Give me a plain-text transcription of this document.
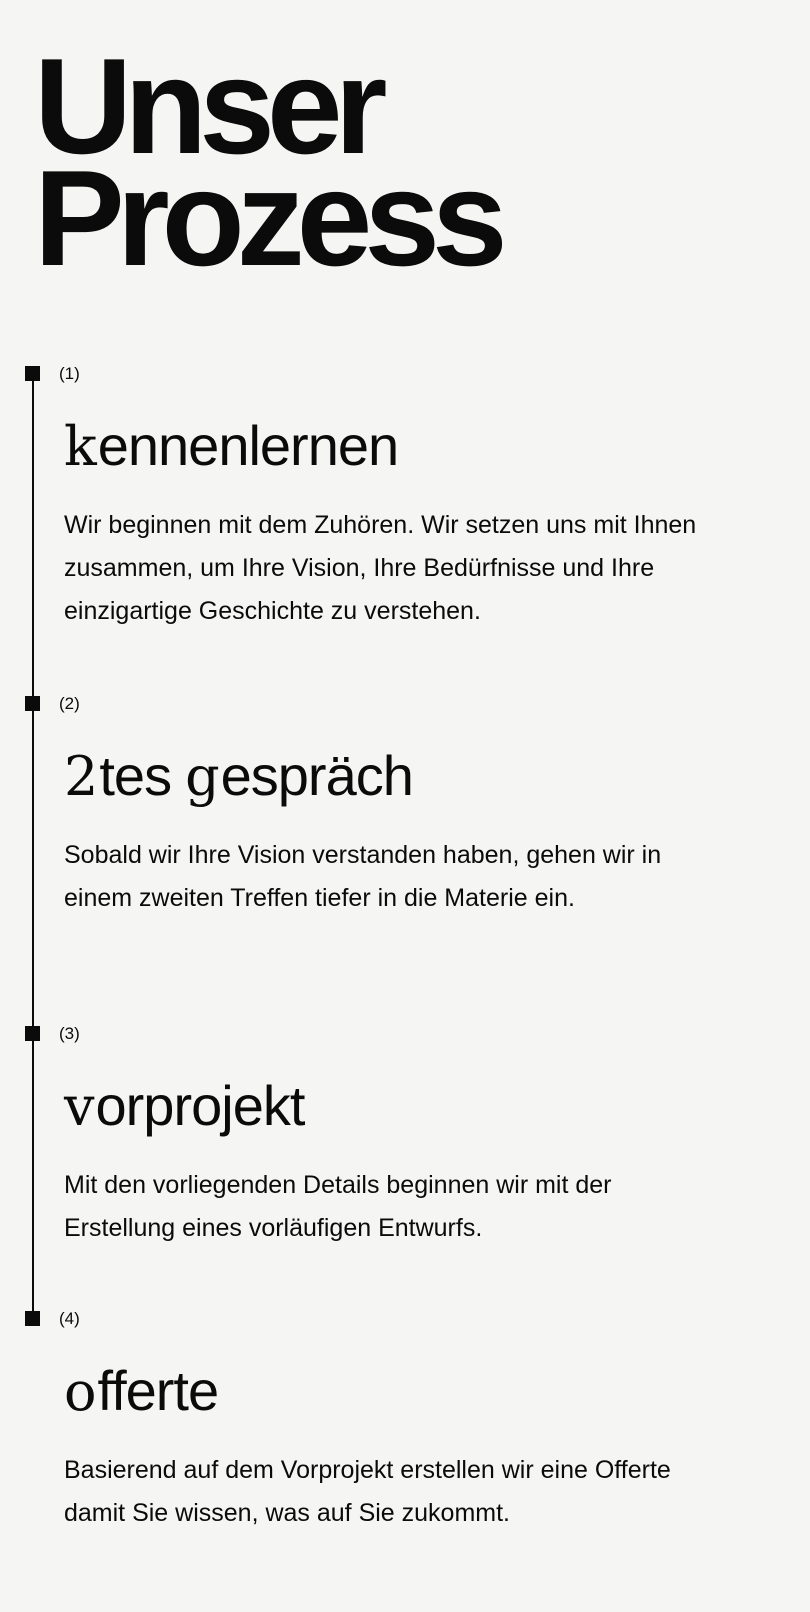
Unser
Prozess
(1)
kennenlernen

Wir beginnen mit dem Zuhören. Wir setzen uns mit Ihnen zusammen, um Ihre Vision, Ihre Bedürfnisse und Ihre einzigartige Geschichte zu verstehen.

(2)
2tes gespräch

Sobald wir Ihre Vision verstanden haben, gehen wir in einem zweiten Treffen tiefer in die Materie ein.

(3)
vorprojekt

Mit den vorliegenden Details beginnen wir mit der Erstellung eines vorläufigen Entwurfs.

(4)
offerte

Basierend auf dem Vorprojekt erstellen wir eine Offerte damit Sie wissen, was auf Sie zukommt.
